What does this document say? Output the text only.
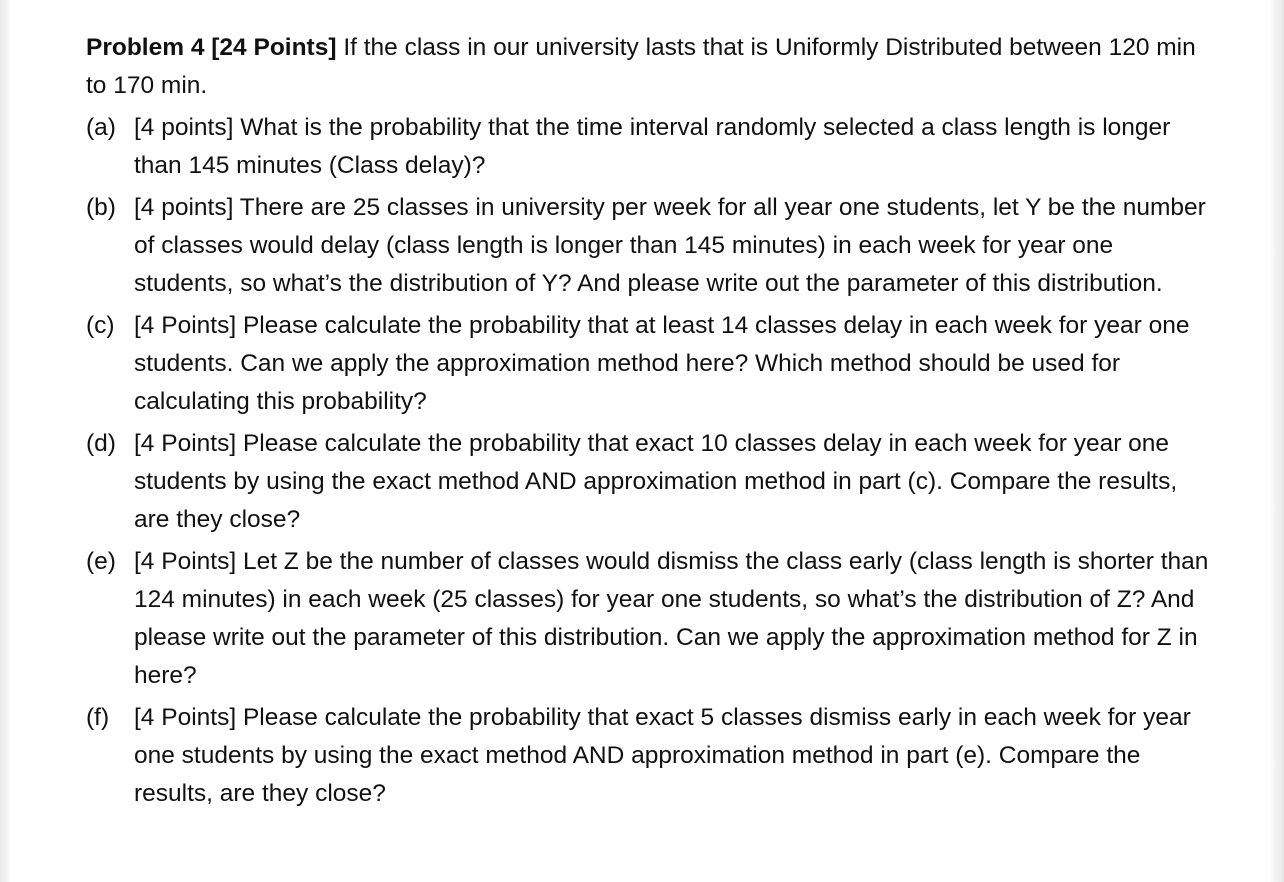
Problem 4 [24 Points] If the class in our university lasts that is Uniformly Distributed between 120 min to 170 min.

(a) [4 points] What is the probability that the time interval randomly selected a class length is longer than 145 minutes (Class delay)?
(b) [4 points] There are 25 classes in university per week for all year one students, let Y be the number of classes would delay (class length is longer than 145 minutes) in each week for year one students, so what’s the distribution of Y? And please write out the parameter of this distribution.
(c) [4 Points] Please calculate the probability that at least 14 classes delay in each week for year one students. Can we apply the approximation method here? Which method should be used for calculating this probability?
(d) [4 Points] Please calculate the probability that exact 10 classes delay in each week for year one students by using the exact method AND approximation method in part (c). Compare the results, are they close?
(e) [4 Points] Let Z be the number of classes would dismiss the class early (class length is shorter than 124 minutes) in each week (25 classes) for year one students, so what’s the distribution of Z? And please write out the parameter of this distribution. Can we apply the approximation method for Z in here?
(f) [4 Points] Please calculate the probability that exact 5 classes dismiss early in each week for year one students by using the exact method AND approximation method in part (e). Compare the results, are they close?
